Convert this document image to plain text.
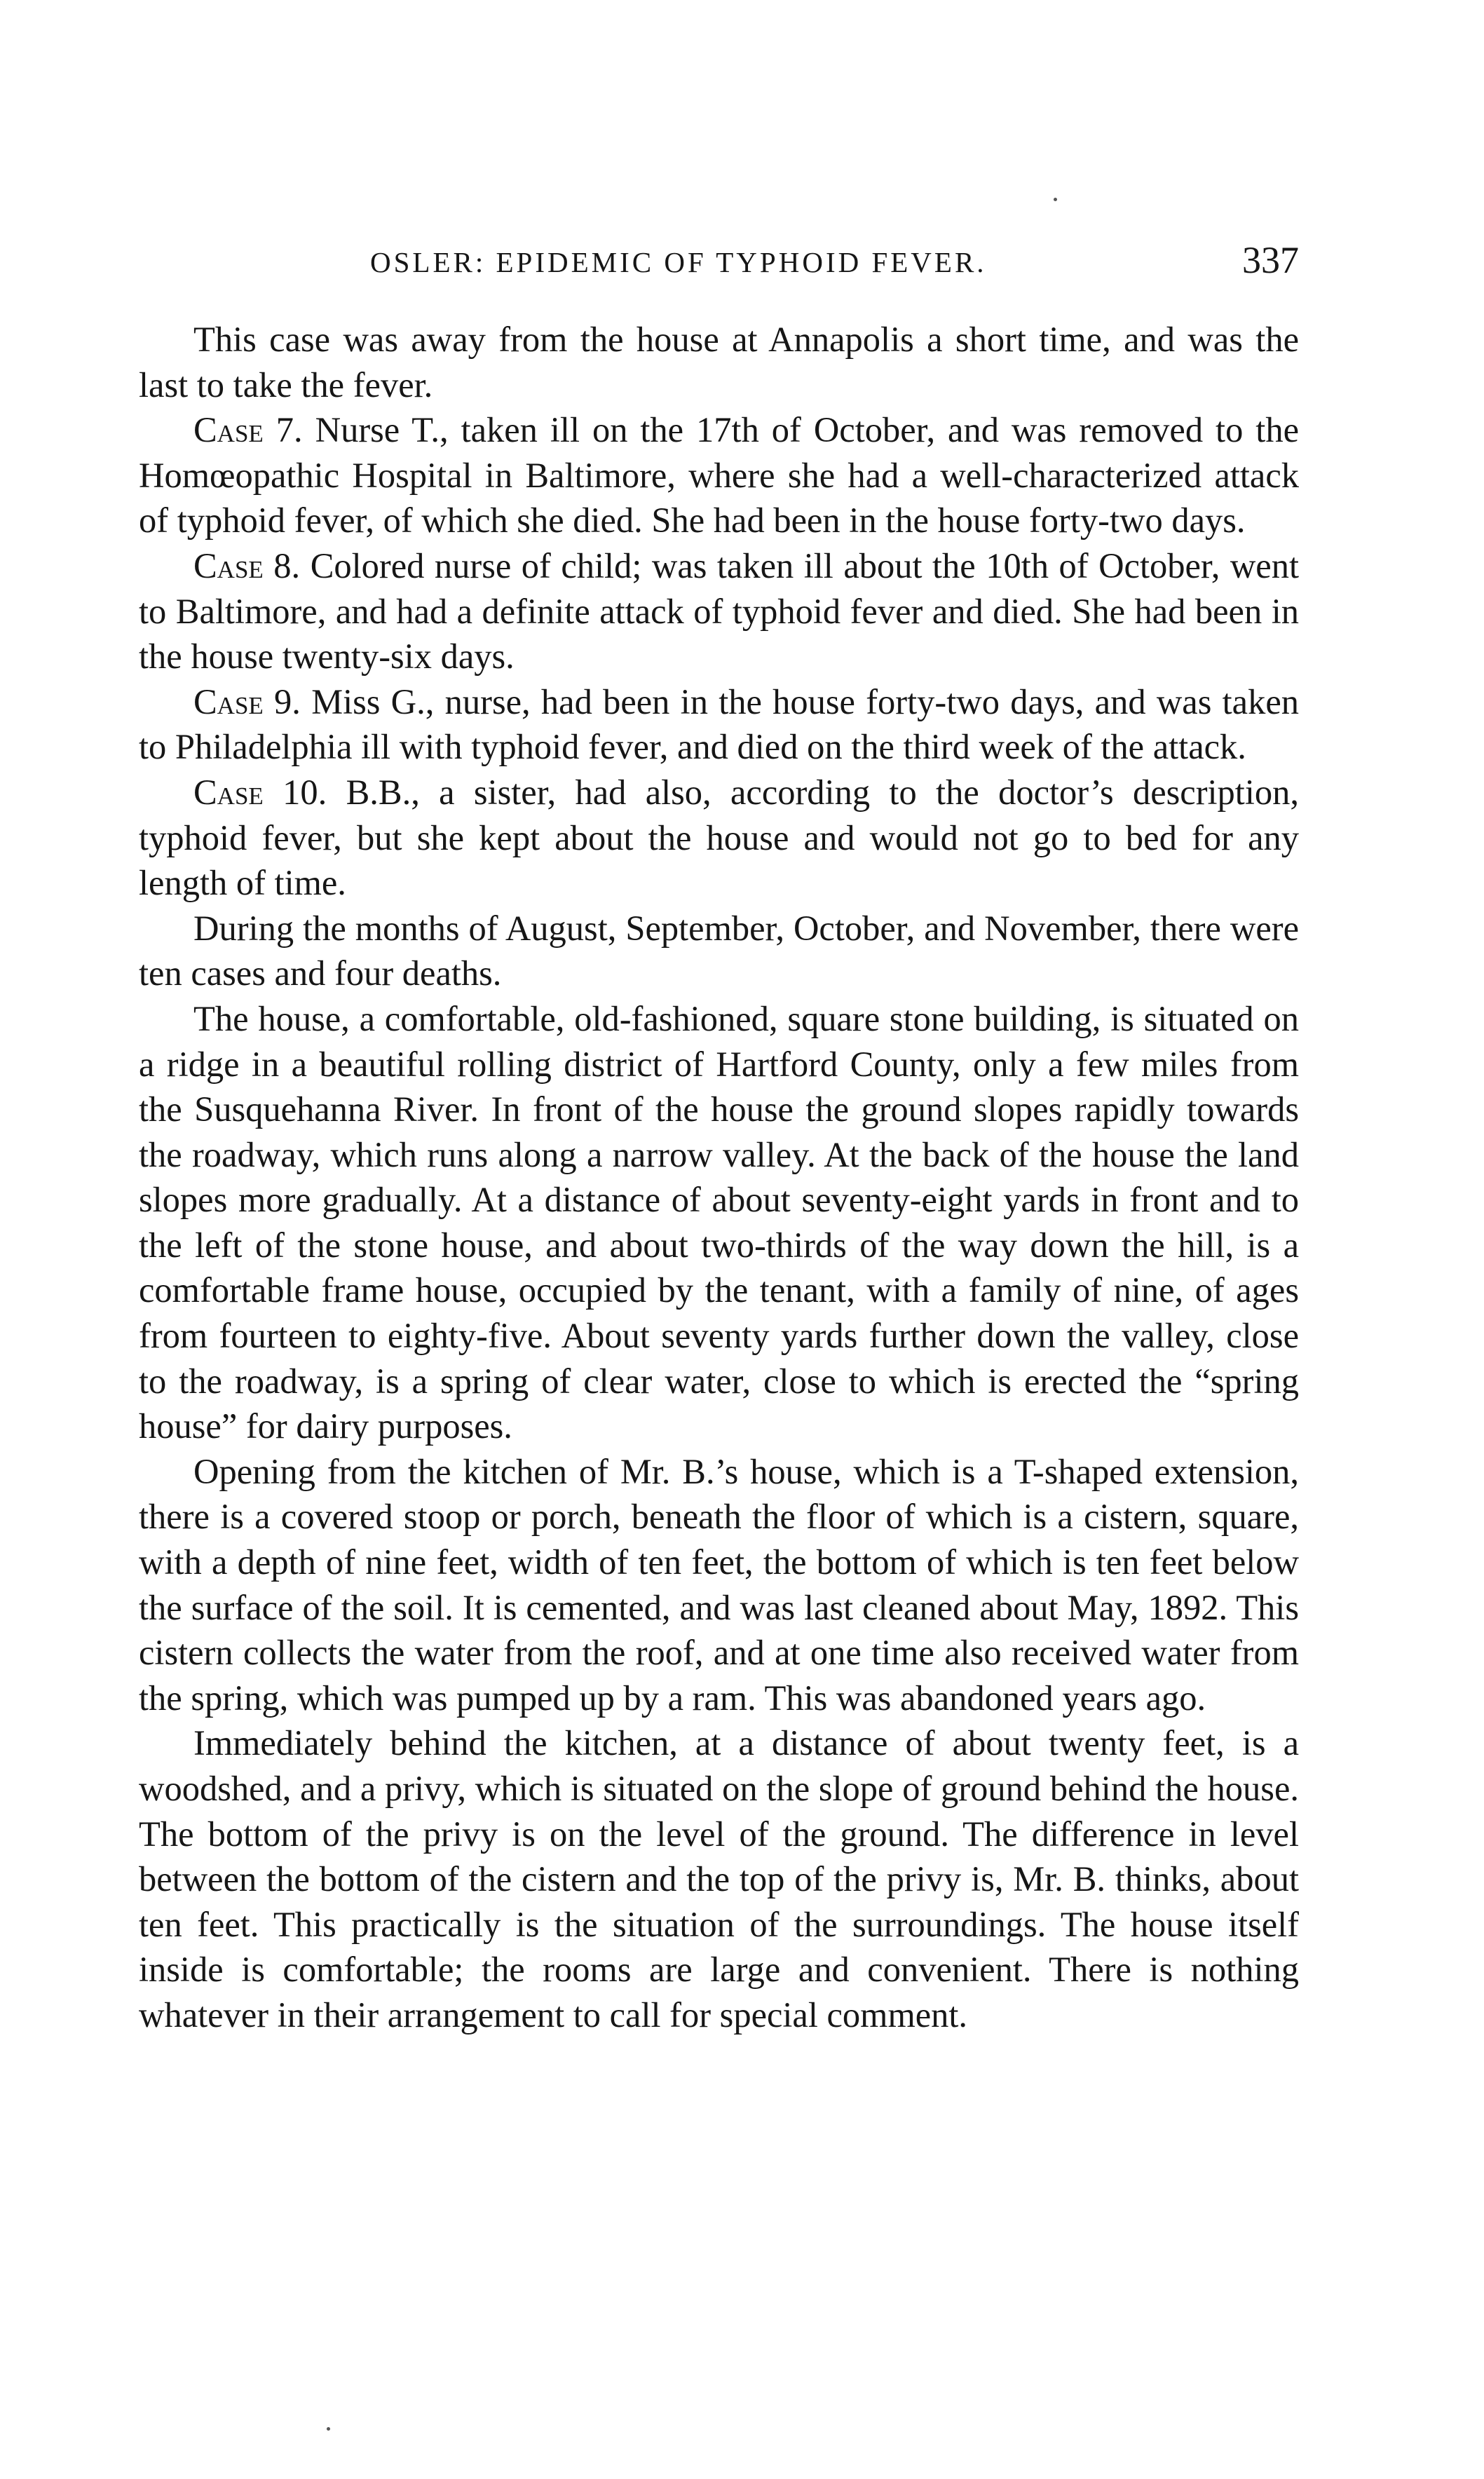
OSLER: EPIDEMIC OF TYPHOID FEVER.	337

This case was away from the house at Annapolis a short time, and was the last to take the fever.

Case 7. Nurse T., taken ill on the 17th of October, and was removed to the Homœopathic Hospital in Baltimore, where she had a well-characterized attack of typhoid fever, of which she died. She had been in the house forty-two days.

Case 8. Colored nurse of child; was taken ill about the 10th of October, went to Baltimore, and had a definite attack of typhoid fever and died. She had been in the house twenty-six days.

Case 9. Miss G., nurse, had been in the house forty-two days, and was taken to Philadelphia ill with typhoid fever, and died on the third week of the attack.

Case 10. B.B., a sister, had also, according to the doctor’s description, typhoid fever, but she kept about the house and would not go to bed for any length of time.

During the months of August, September, October, and November, there were ten cases and four deaths.

The house, a comfortable, old-fashioned, square stone building, is situated on a ridge in a beautiful rolling district of Hartford County, only a few miles from the Susquehanna River. In front of the house the ground slopes rapidly towards the roadway, which runs along a narrow valley. At the back of the house the land slopes more gradually. At a distance of about seventy-eight yards in front and to the left of the stone house, and about two-thirds of the way down the hill, is a comfortable frame house, occupied by the tenant, with a family of nine, of ages from fourteen to eighty-five. About seventy yards further down the valley, close to the roadway, is a spring of clear water, close to which is erected the “spring house” for dairy purposes.

Opening from the kitchen of Mr. B.’s house, which is a T-shaped extension, there is a covered stoop or porch, beneath the floor of which is a cistern, square, with a depth of nine feet, width of ten feet, the bottom of which is ten feet below the surface of the soil. It is cemented, and was last cleaned about May, 1892. This cistern collects the water from the roof, and at one time also received water from the spring, which was pumped up by a ram. This was abandoned years ago.

Immediately behind the kitchen, at a distance of about twenty feet, is a woodshed, and a privy, which is situated on the slope of ground behind the house. The bottom of the privy is on the level of the ground. The difference in level between the bottom of the cistern and the top of the privy is, Mr. B. thinks, about ten feet. This practically is the situation of the surroundings. The house itself inside is comfortable; the rooms are large and convenient. There is nothing whatever in their arrangement to call for special comment.
